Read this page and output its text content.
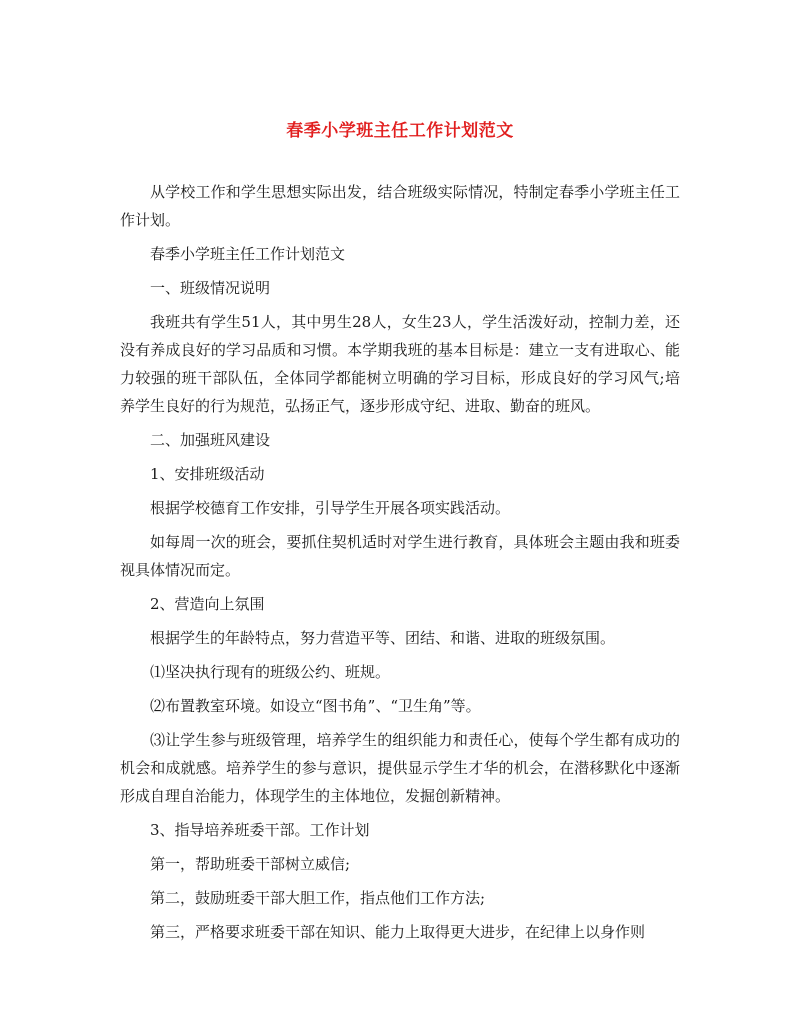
春季小学班主任工作计划范文

从学校工作和学生思想实际出发，结合班级实际情况，特制定春季小学班主任工作计划。

春季小学班主任工作计划范文

一、班级情况说明

我班共有学生51人，其中男生28人，女生23人，学生活泼好动，控制力差，还没有养成良好的学习品质和习惯。本学期我班的基本目标是：建立一支有进取心、能力较强的班干部队伍，全体同学都能树立明确的学习目标，形成良好的学习风气;培养学生良好的行为规范，弘扬正气，逐步形成守纪、进取、勤奋的班风。

二、加强班风建设

1、安排班级活动

根据学校德育工作安排，引导学生开展各项实践活动。

如每周一次的班会，要抓住契机适时对学生进行教育，具体班会主题由我和班委视具体情况而定。

2、营造向上氛围

根据学生的年龄特点，努力营造平等、团结、和谐、进取的班级氛围。

⑴坚决执行现有的班级公约、班规。

⑵布置教室环境。如设立“图书角”、“卫生角”等。

⑶让学生参与班级管理，培养学生的组织能力和责任心，使每个学生都有成功的机会和成就感。培养学生的参与意识，提供显示学生才华的机会，在潜移默化中逐渐形成自理自治能力，体现学生的主体地位，发掘创新精神。

3、指导培养班委干部。工作计划

第一，帮助班委干部树立威信;

第二，鼓励班委干部大胆工作，指点他们工作方法;

第三，严格要求班委干部在知识、能力上取得更大进步，在纪律上以身作则
